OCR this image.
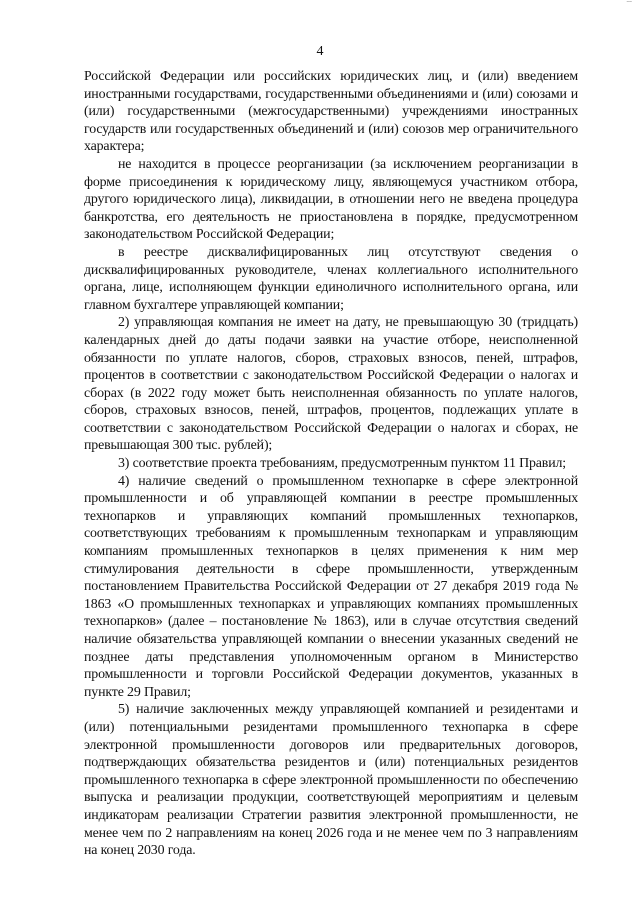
~~
4

Российской Федерации или российских юридических лиц, и (или) введением иностранными государствами, государственными объединениями и (или) союзами и (или) государственными (межгосударственными) учреждениями иностранных государств или государственных объединений и (или) союзов мер ограничительного характера;

не находится в процессе реорганизации (за исключением реорганизации в форме присоединения к юридическому лицу, являющемуся участником отбора, другого юридического лица), ликвидации, в отношении него не введена процедура банкротства, его деятельность не приостановлена в порядке, предусмотренном законодательством Российской Федерации;

в реестре дисквалифицированных лиц отсутствуют сведения о дисквалифицированных руководителе, членах коллегиального исполнительного органа, лице, исполняющем функции единоличного исполнительного органа, или главном бухгалтере управляющей компании;

2) управляющая компания не имеет на дату, не превышающую 30 (тридцать) календарных дней до даты подачи заявки на участие отборе, неисполненной обязанности по уплате налогов, сборов, страховых взносов, пеней, штрафов, процентов в соответствии с законодательством Российской Федерации о налогах и сборах (в 2022 году может быть неисполненная обязанность по уплате налогов, сборов, страховых взносов, пеней, штрафов, процентов, подлежащих уплате в соответствии с законодательством Российской Федерации о налогах и сборах, не превышающая 300 тыс. рублей);

3) соответствие проекта требованиям, предусмотренным пунктом 11 Правил;

4) наличие сведений о промышленном технопарке в сфере электронной промышленности и об управляющей компании в реестре промышленных технопарков и управляющих компаний промышленных технопарков, соответствующих требованиям к промышленным технопаркам и управляющим компаниям промышленных технопарков в целях применения к ним мер стимулирования деятельности в сфере промышленности, утвержденным постановлением Правительства Российской Федерации от 27 декабря 2019 года № 1863 «О промышленных технопарках и управляющих компаниях промышленных технопарков» (далее – постановление № 1863), или в случае отсутствия сведений наличие обязательства управляющей компании о внесении указанных сведений не позднее даты представления уполномоченным органом в Министерство промышленности и торговли Российской Федерации документов, указанных в пункте 29 Правил;

5) наличие заключенных между управляющей компанией и резидентами и (или) потенциальными резидентами промышленного технопарка в сфере электронной промышленности договоров или предварительных договоров, подтверждающих обязательства резидентов и (или) потенциальных резидентов промышленного технопарка в сфере электронной промышленности по обеспечению выпуска и реализации продукции, соответствующей мероприятиям и целевым индикаторам реализации Стратегии развития электронной промышленности, не менее чем по 2 направлениям на конец 2026 года и не менее чем по 3 направлениям на конец 2030 года.
